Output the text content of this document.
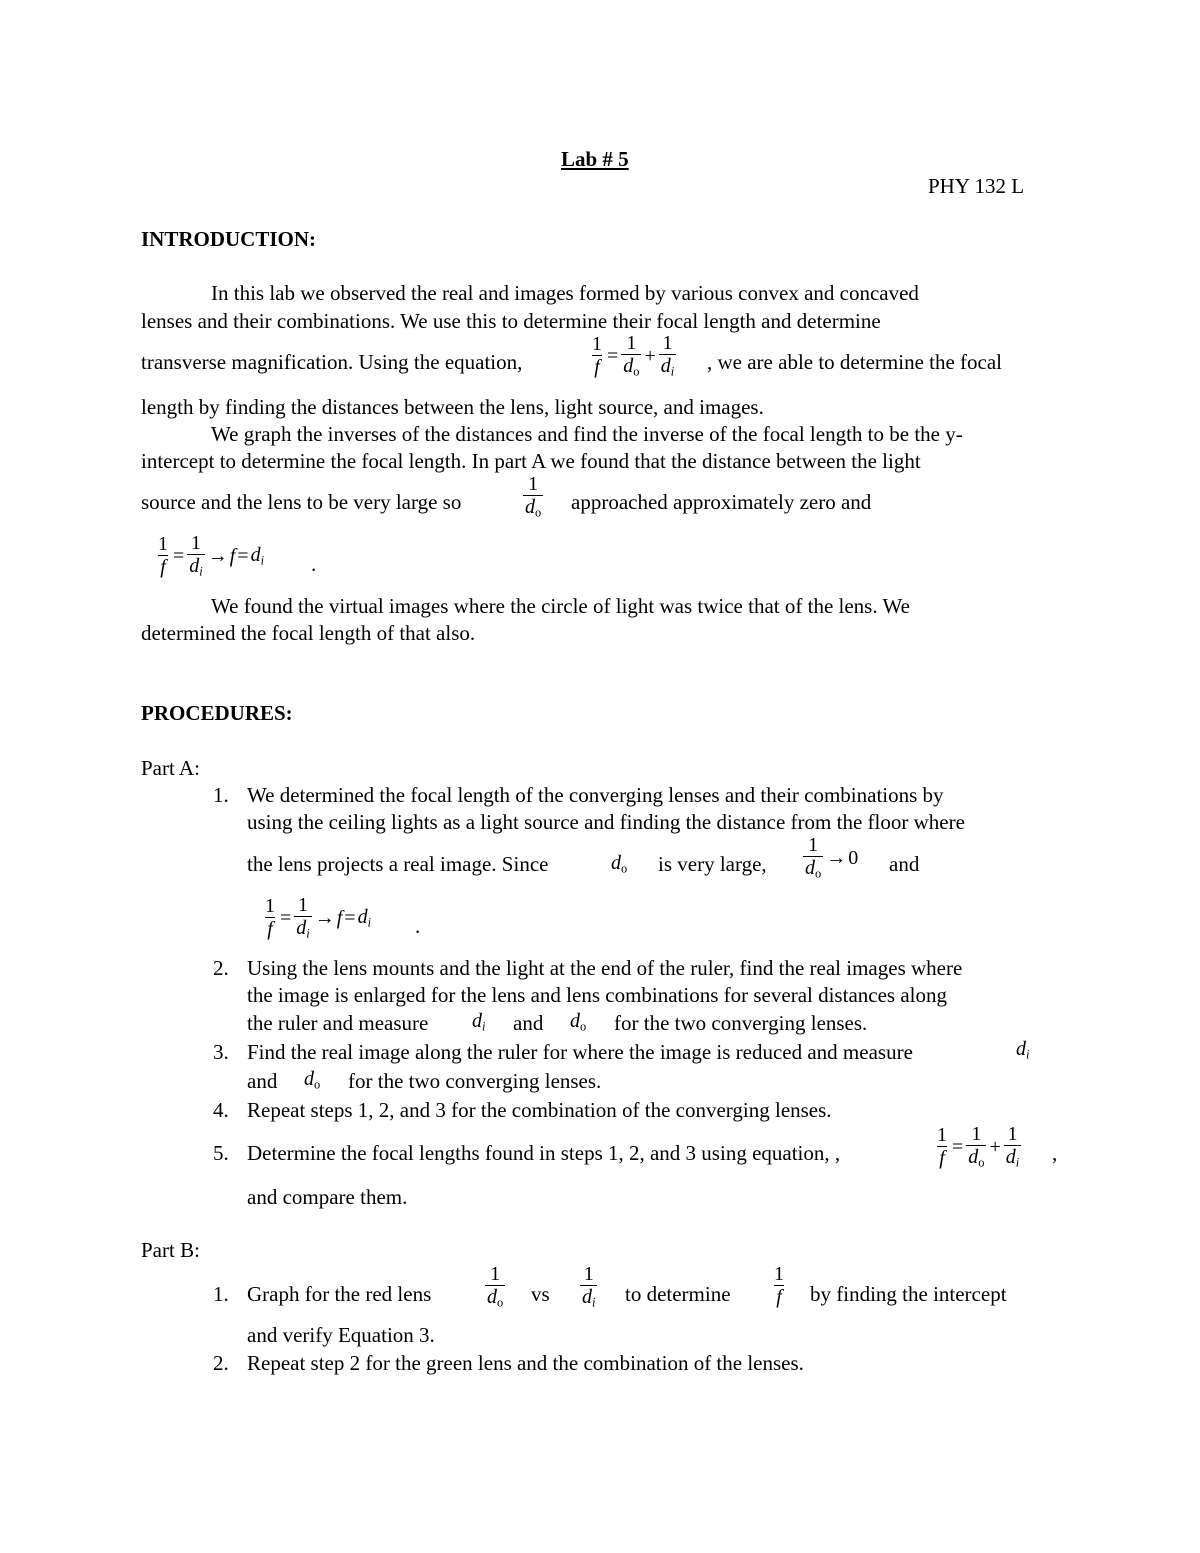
Lab # 5
PHY 132 L
INTRODUCTION:
In this lab we observed the real and images formed by various convex and concaved
lenses and their combinations. We use this to determine their focal length and determine
transverse magnification. Using the equation,	$\frac{1}{f} = \frac{1}{d_o} + \frac{1}{d_i}$ , we are able to determine the focal
length by finding the distances between the lens, light source, and images.
We graph the inverses of the distances and find the inverse of the focal length to be the y-
intercept to determine the focal length. In part A we found that the distance between the light
source and the lens to be very large so	$\frac{1}{d_o}$ approached approximately zero and
$\frac{1}{f} = \frac{1}{d_i} \to f = d_i$ .
We found the virtual images where the circle of light was twice that of the lens. We
determined the focal length of that also.
PROCEDURES:
Part A:
1. We determined the focal length of the converging lenses and their combinations by
using the ceiling lights as a light source and finding the distance from the floor where
the lens projects a real image. Since	$d_o$ is very large, $\frac{1}{d_o} \to 0$ and
$\frac{1}{f} = \frac{1}{d_i} \to f = d_i$ .
2. Using the lens mounts and the light at the end of the ruler, find the real images where
the image is enlarged for the lens and lens combinations for several distances along
the ruler and measure $d_i$ and $d_o$ for the two converging lenses.
3. Find the real image along the ruler for where the image is reduced and measure	$d_i$
and $d_o$ for the two converging lenses.
4. Repeat steps 1, 2, and 3 for the combination of the converging lenses.
5. Determine the focal lengths found in steps 1, 2, and 3 using equation, ,	$\frac{1}{f} = \frac{1}{d_o} + \frac{1}{d_i}$ ,
and compare them.
Part B:
1. Graph for the red lens	$\frac{1}{d_o}$ vs $\frac{1}{d_i}$ to determine $\frac{1}{f}$ by finding the intercept
and verify Equation 3.
2. Repeat step 2 for the green lens and the combination of the lenses.
